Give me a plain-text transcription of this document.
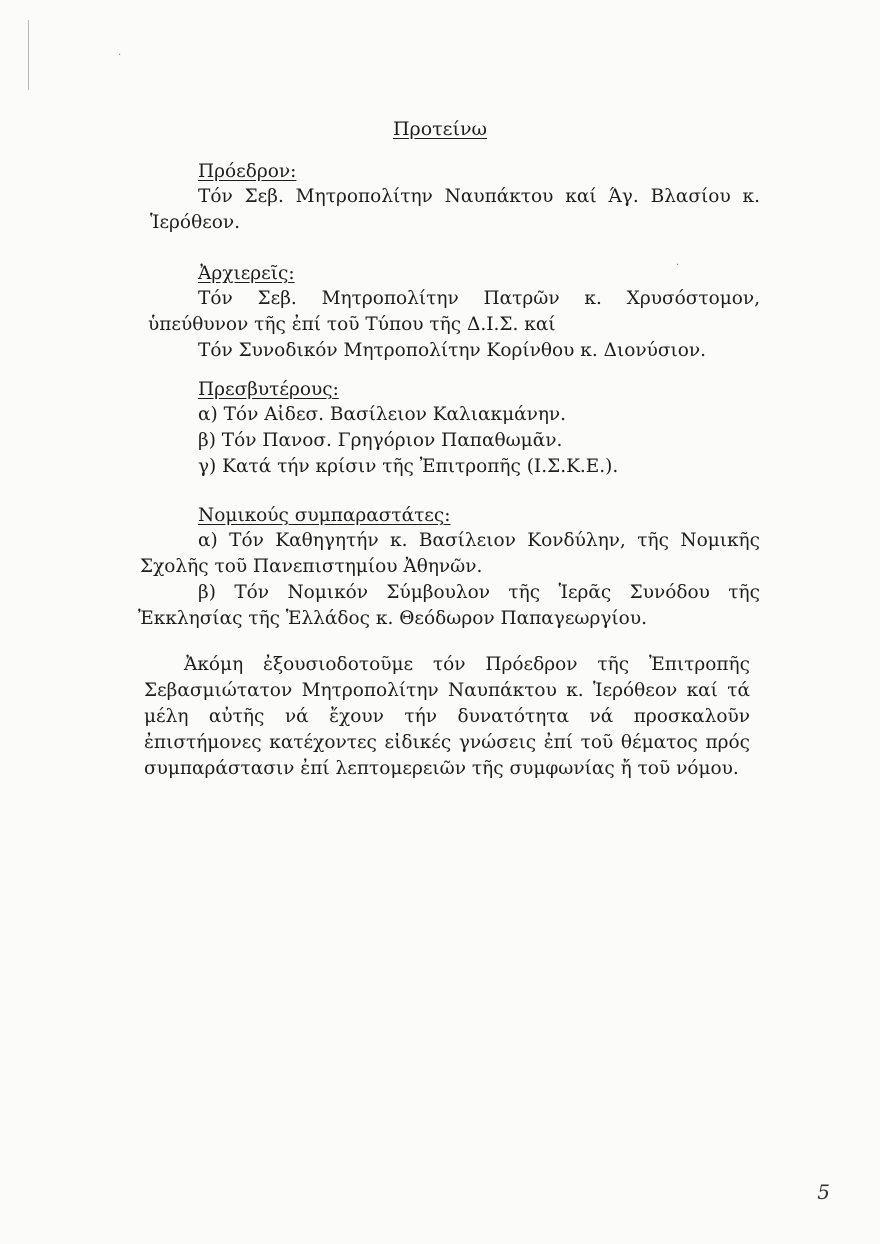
·
·
Προτείνω
Πρόεδρον:
Τόν Σεβ. Μητροπολίτην Ναυπάκτου καί Άγ. Βλασίου κ.
Ἱερόθεον.
Ἀρχιερεῖς:
Τόν Σεβ. Μητροπολίτην Πατρῶν κ. Χρυσόστομον,
ὑπεύθυνον τῆς ἐπί τοῦ Τύπου τῆς Δ.Ι.Σ. καί
Τόν Συνοδικόν Μητροπολίτην Κορίνθου κ. Διονύσιον.
Πρεσβυτέρους:
α) Τόν Αἰδεσ. Βασίλειον Καλιακμάνην.
β) Τόν Πανοσ. Γρηγόριον Παπαθωμᾶν.
γ) Κατά τήν κρίσιν τῆς Ἐπιτροπῆς (Ι.Σ.Κ.Ε.).
Νομικούς συμπαραστάτες:
α) Τόν Καθηγητήν κ. Βασίλειον Κονδύλην, τῆς Νομικῆς
Σχολῆς τοῦ Πανεπιστημίου Ἀθηνῶν.
β) Τόν Νομικόν Σύμβουλον τῆς Ἱερᾶς Συνόδου τῆς
Ἐκκλησίας τῆς Ἑλλάδος κ. Θεόδωρον Παπαγεωργίου.
Ἀκόμη ἐξουσιοδοτοῦμε τόν Πρόεδρον τῆς Ἐπιτροπῆς
Σεβασμιώτατον Μητροπολίτην Ναυπάκτου κ. Ἱερόθεον καί τά
μέλη αὐτῆς νά ἔχουν τήν δυνατότητα νά προσκαλοῦν
ἐπιστήμονες κατέχοντες εἰδικές γνώσεις ἐπί τοῦ θέματος πρός
συμπαράστασιν ἐπί λεπτομερειῶν τῆς συμφωνίας ἤ τοῦ νόμου.
5
